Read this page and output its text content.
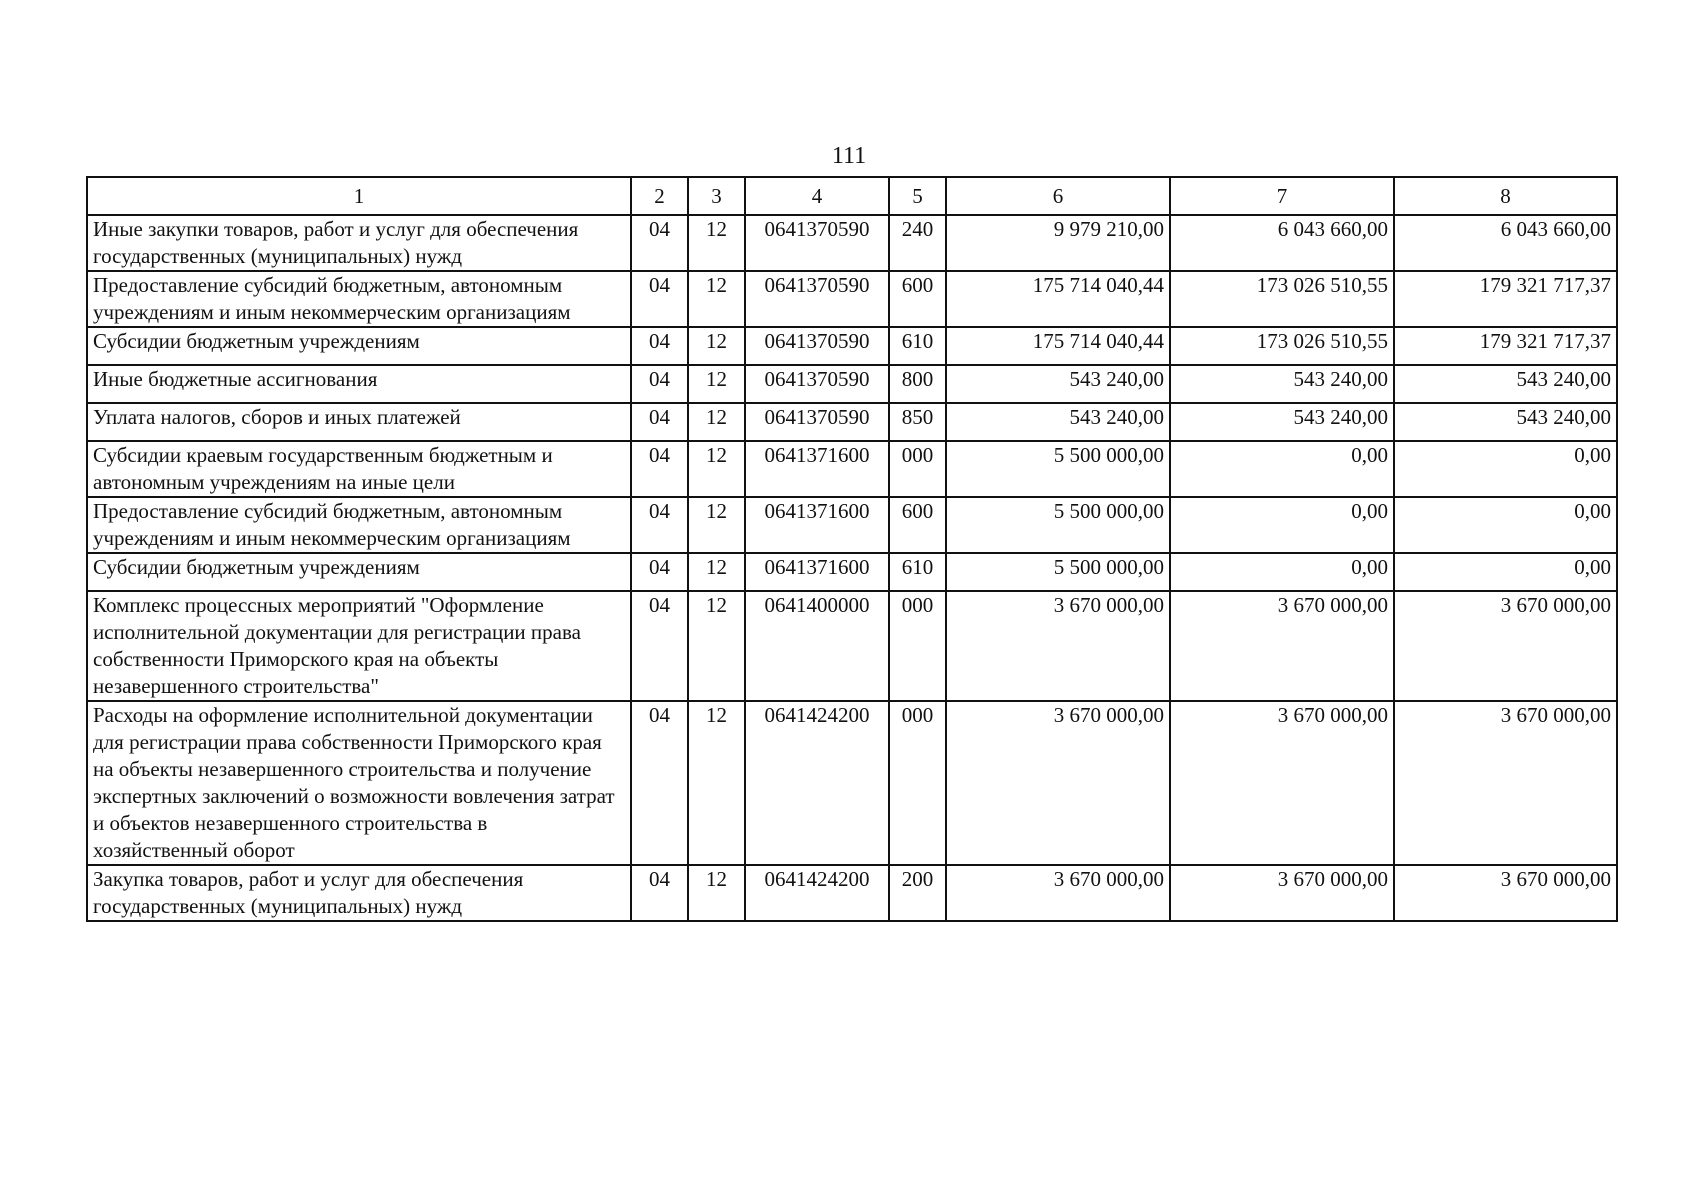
111
1	2	3	4	5	6	7	8
Иные закупки товаров, работ и услуг для обеспечения государственных (муниципальных) нужд	04	12	0641370590	240	9 979 210,00	6 043 660,00	6 043 660,00
Предоставление субсидий бюджетным, автономным учреждениям и иным некоммерческим организациям	04	12	0641370590	600	175 714 040,44	173 026 510,55	179 321 717,37
Субсидии бюджетным учреждениям	04	12	0641370590	610	175 714 040,44	173 026 510,55	179 321 717,37
Иные бюджетные ассигнования	04	12	0641370590	800	543 240,00	543 240,00	543 240,00
Уплата налогов, сборов и иных платежей	04	12	0641370590	850	543 240,00	543 240,00	543 240,00
Субсидии краевым государственным бюджетным и автономным учреждениям на иные цели	04	12	0641371600	000	5 500 000,00	0,00	0,00
Предоставление субсидий бюджетным, автономным учреждениям и иным некоммерческим организациям	04	12	0641371600	600	5 500 000,00	0,00	0,00
Субсидии бюджетным учреждениям	04	12	0641371600	610	5 500 000,00	0,00	0,00
Комплекс процессных мероприятий "Оформление исполнительной документации для регистрации права собственности Приморского края на объекты незавершенного строительства"	04	12	0641400000	000	3 670 000,00	3 670 000,00	3 670 000,00
Расходы на оформление исполнительной документации для регистрации права собственности Приморского края на объекты незавершенного строительства и получение экспертных заключений о возможности вовлечения затрат и объектов незавершенного строительства в хозяйственный оборот	04	12	0641424200	000	3 670 000,00	3 670 000,00	3 670 000,00
Закупка товаров, работ и услуг для обеспечения государственных (муниципальных) нужд	04	12	0641424200	200	3 670 000,00	3 670 000,00	3 670 000,00
